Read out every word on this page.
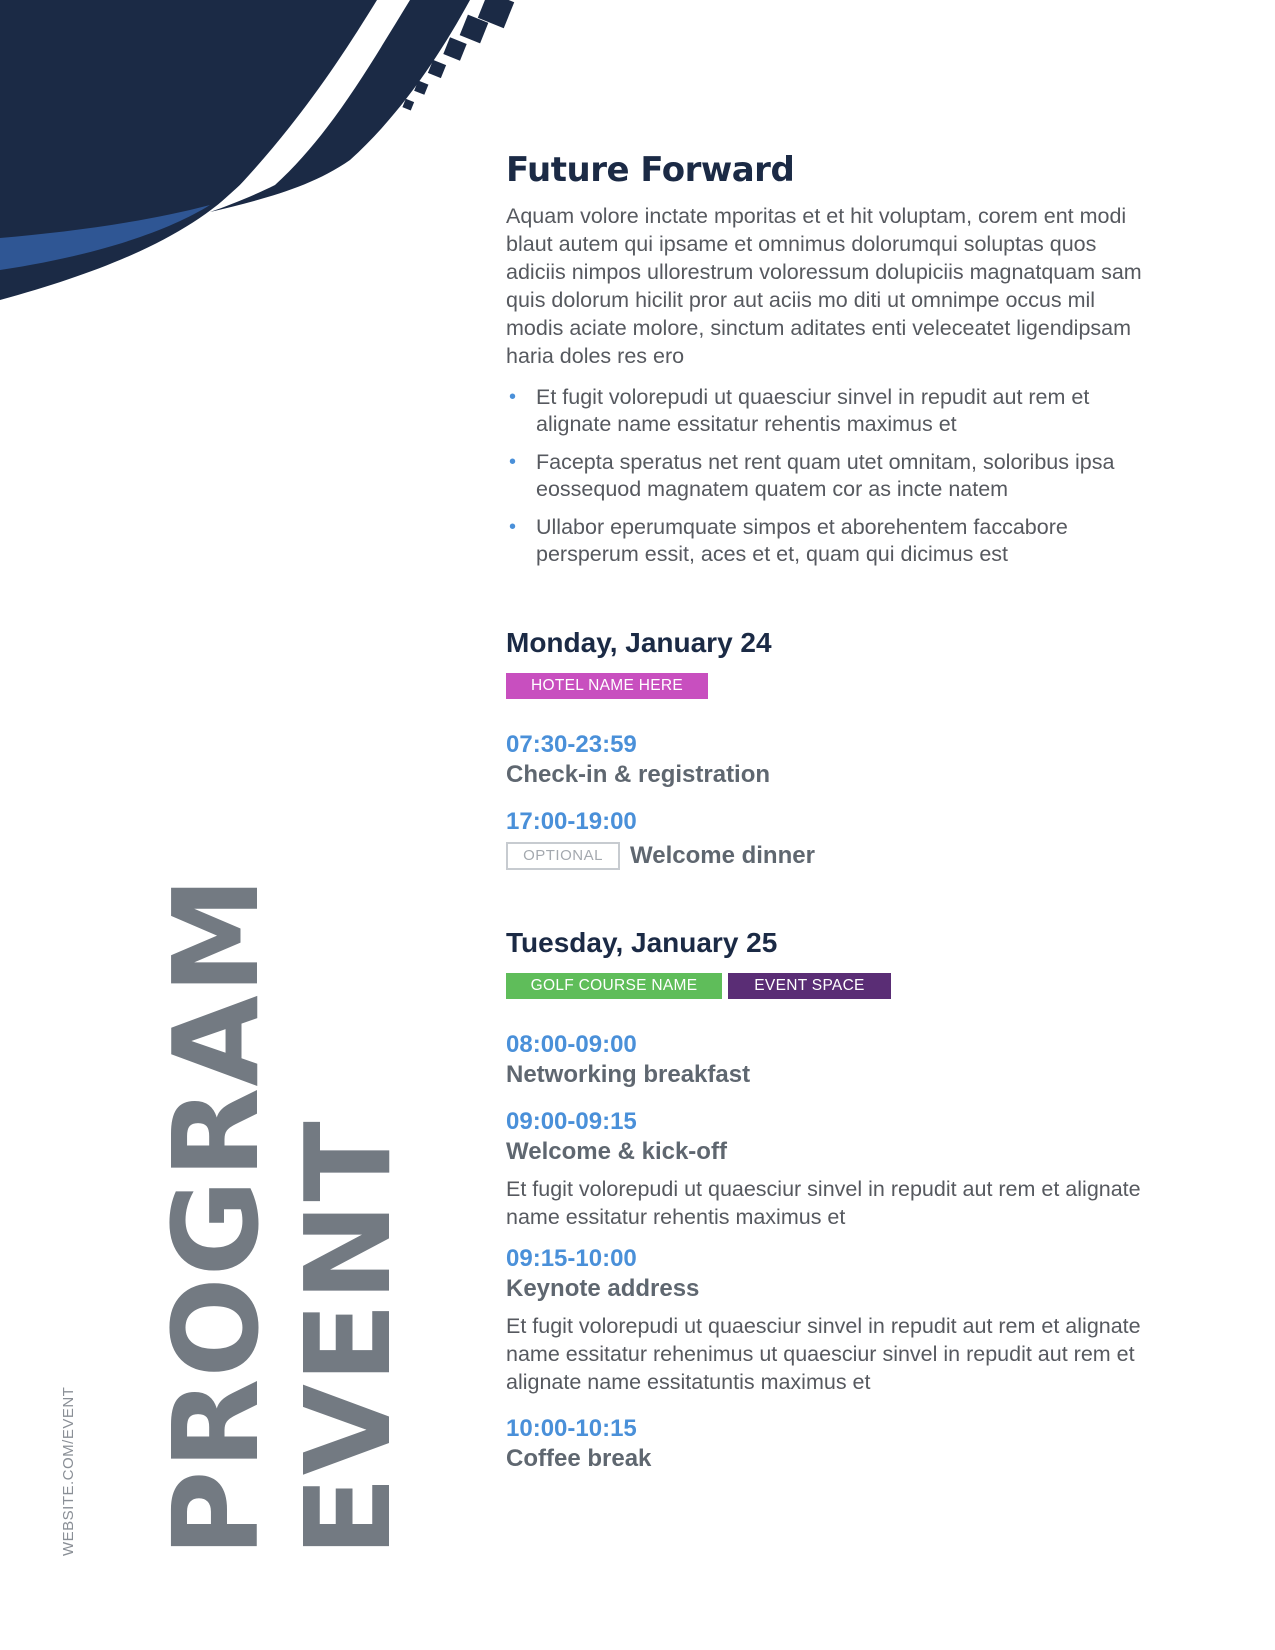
WEBSITE.COM/EVENT PROGRAM
EVENT
Future Forward

Aquam volore inctate mporitas et et hit voluptam, corem ent modi blaut autem qui ipsame et omnimus dolorumqui soluptas quos adiciis nimpos ullorestrum voloressum dolupiciis magnatquam sam quis dolorum hicilit pror aut aciis mo diti ut omnimpe occus mil modis aciate molore, sinctum aditates enti veleceatet ligendipsam haria doles res ero

• Et fugit volorepudi ut quaesciur sinvel in repudit aut rem et alignate name essitatur rehentis maximus et
• Facepta speratus net rent quam utet omnitam, soloribus ipsa eossequod magnatem quatem cor as incte natem
• Ullabor eperumquate simpos et aborehentem faccabore persperum essit, aces et et, quam qui dicimus est
Monday, January 24
HOTEL NAME HERE
07:30-23:59
Check-in & registration
17:00-19:00
OPTIONAL	Welcome dinner
Tuesday, January 25
GOLF COURSE NAME	EVENT SPACE
08:00-09:00
Networking breakfast
09:00-09:15
Welcome & kick-off
Et fugit volorepudi ut quaesciur sinvel in repudit aut rem et alignate name essitatur rehentis maximus et
09:15-10:00
Keynote address
Et fugit volorepudi ut quaesciur sinvel in repudit aut rem et alignate name essitatur rehenimus ut quaesciur sinvel in repudit aut rem et alignate name essitatuntis maximus et
10:00-10:15
Coffee break
